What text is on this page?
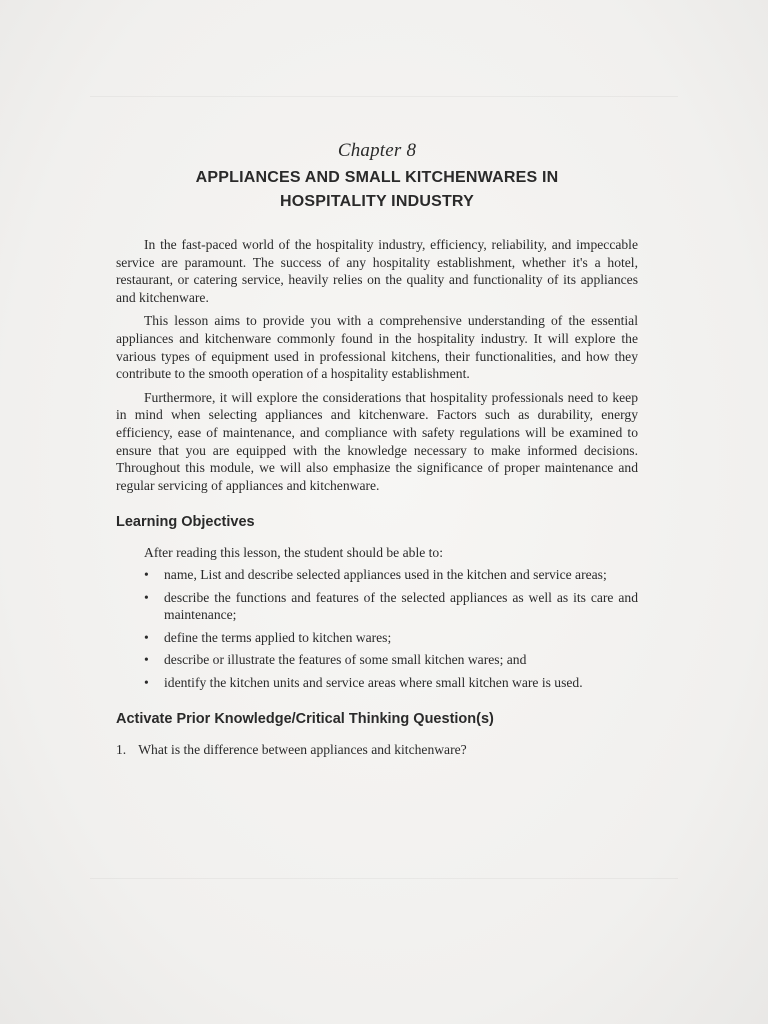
Chapter 8
APPLIANCES AND SMALL KITCHENWARES IN
HOSPITALITY INDUSTRY

In the fast-paced world of the hospitality industry, efficiency, reliability, and impeccable service are paramount. The success of any hospitality establishment, whether it's a hotel, restaurant, or catering service, heavily relies on the quality and functionality of its appliances and kitchenware.

This lesson aims to provide you with a comprehensive understanding of the essential appliances and kitchenware commonly found in the hospitality industry. It will explore the various types of equipment used in professional kitchens, their functionalities, and how they contribute to the smooth operation of a hospitality establishment.

Furthermore, it will explore the considerations that hospitality professionals need to keep in mind when selecting appliances and kitchenware. Factors such as durability, energy efficiency, ease of maintenance, and compliance with safety regulations will be examined to ensure that you are equipped with the knowledge necessary to make informed decisions. Throughout this module, we will also emphasize the significance of proper maintenance and regular servicing of appliances and kitchenware.

Learning Objectives
After reading this lesson, the student should be able to:
• name, List and describe selected appliances used in the kitchen and service areas;
• describe the functions and features of the selected appliances as well as its care and maintenance;
• define the terms applied to kitchen wares;
• describe or illustrate the features of some small kitchen wares; and
• identify the kitchen units and service areas where small kitchen ware is used.
Activate Prior Knowledge/Critical Thinking Question(s)
1. What is the difference between appliances and kitchenware?
